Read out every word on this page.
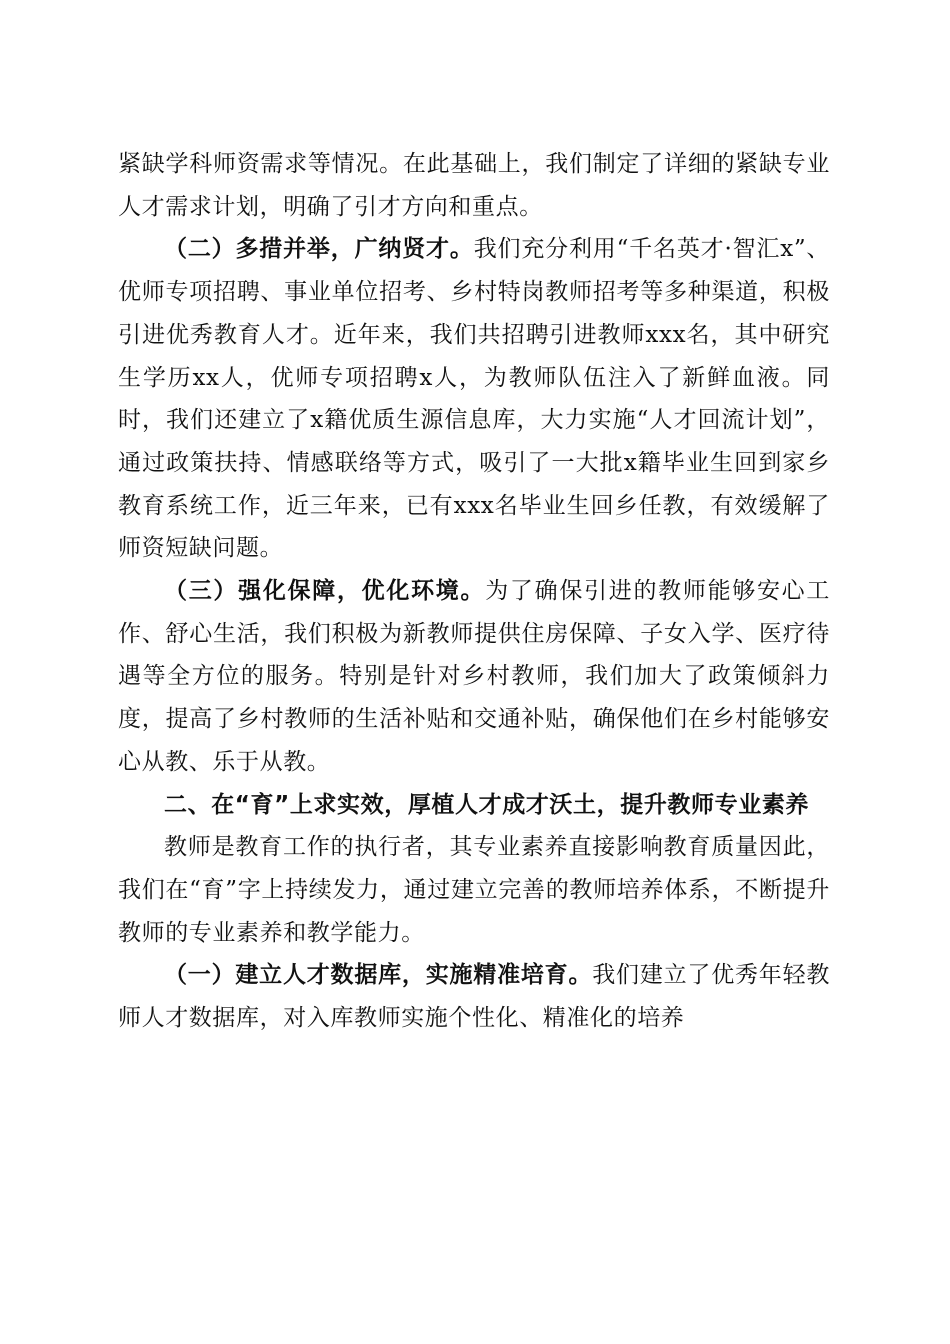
紧缺学科师资需求等情况。在此基础上，我们制定了详细的紧缺专业人才需求计划，明确了引才方向和重点。

（二）多措并举，广纳贤才。我们充分利用“千名英才·智汇x”、优师专项招聘、事业单位招考、乡村特岗教师招考等多种渠道，积极引进优秀教育人才。近年来，我们共招聘引进教师xxx名，其中研究生学历xx人，优师专项招聘x人，为教师队伍注入了新鲜血液。同时，我们还建立了x籍优质生源信息库，大力实施“人才回流计划”，通过政策扶持、情感联络等方式，吸引了一大批x籍毕业生回到家乡教育系统工作，近三年来，已有xxx名毕业生回乡任教，有效缓解了师资短缺问题。

（三）强化保障，优化环境。为了确保引进的教师能够安心工作、舒心生活，我们积极为新教师提供住房保障、子女入学、医疗待遇等全方位的服务。特别是针对乡村教师，我们加大了政策倾斜力度，提高了乡村教师的生活补贴和交通补贴，确保他们在乡村能够安心从教、乐于从教。

二、在“育”上求实效，厚植人才成才沃土，提升教师专业素养

教师是教育工作的执行者，其专业素养直接影响教育质量因此，我们在“育”字上持续发力，通过建立完善的教师培养体系，不断提升教师的专业素养和教学能力。

（一）建立人才数据库，实施精准培育。我们建立了优秀年轻教师人才数据库，对入库教师实施个性化、精准化的培养
